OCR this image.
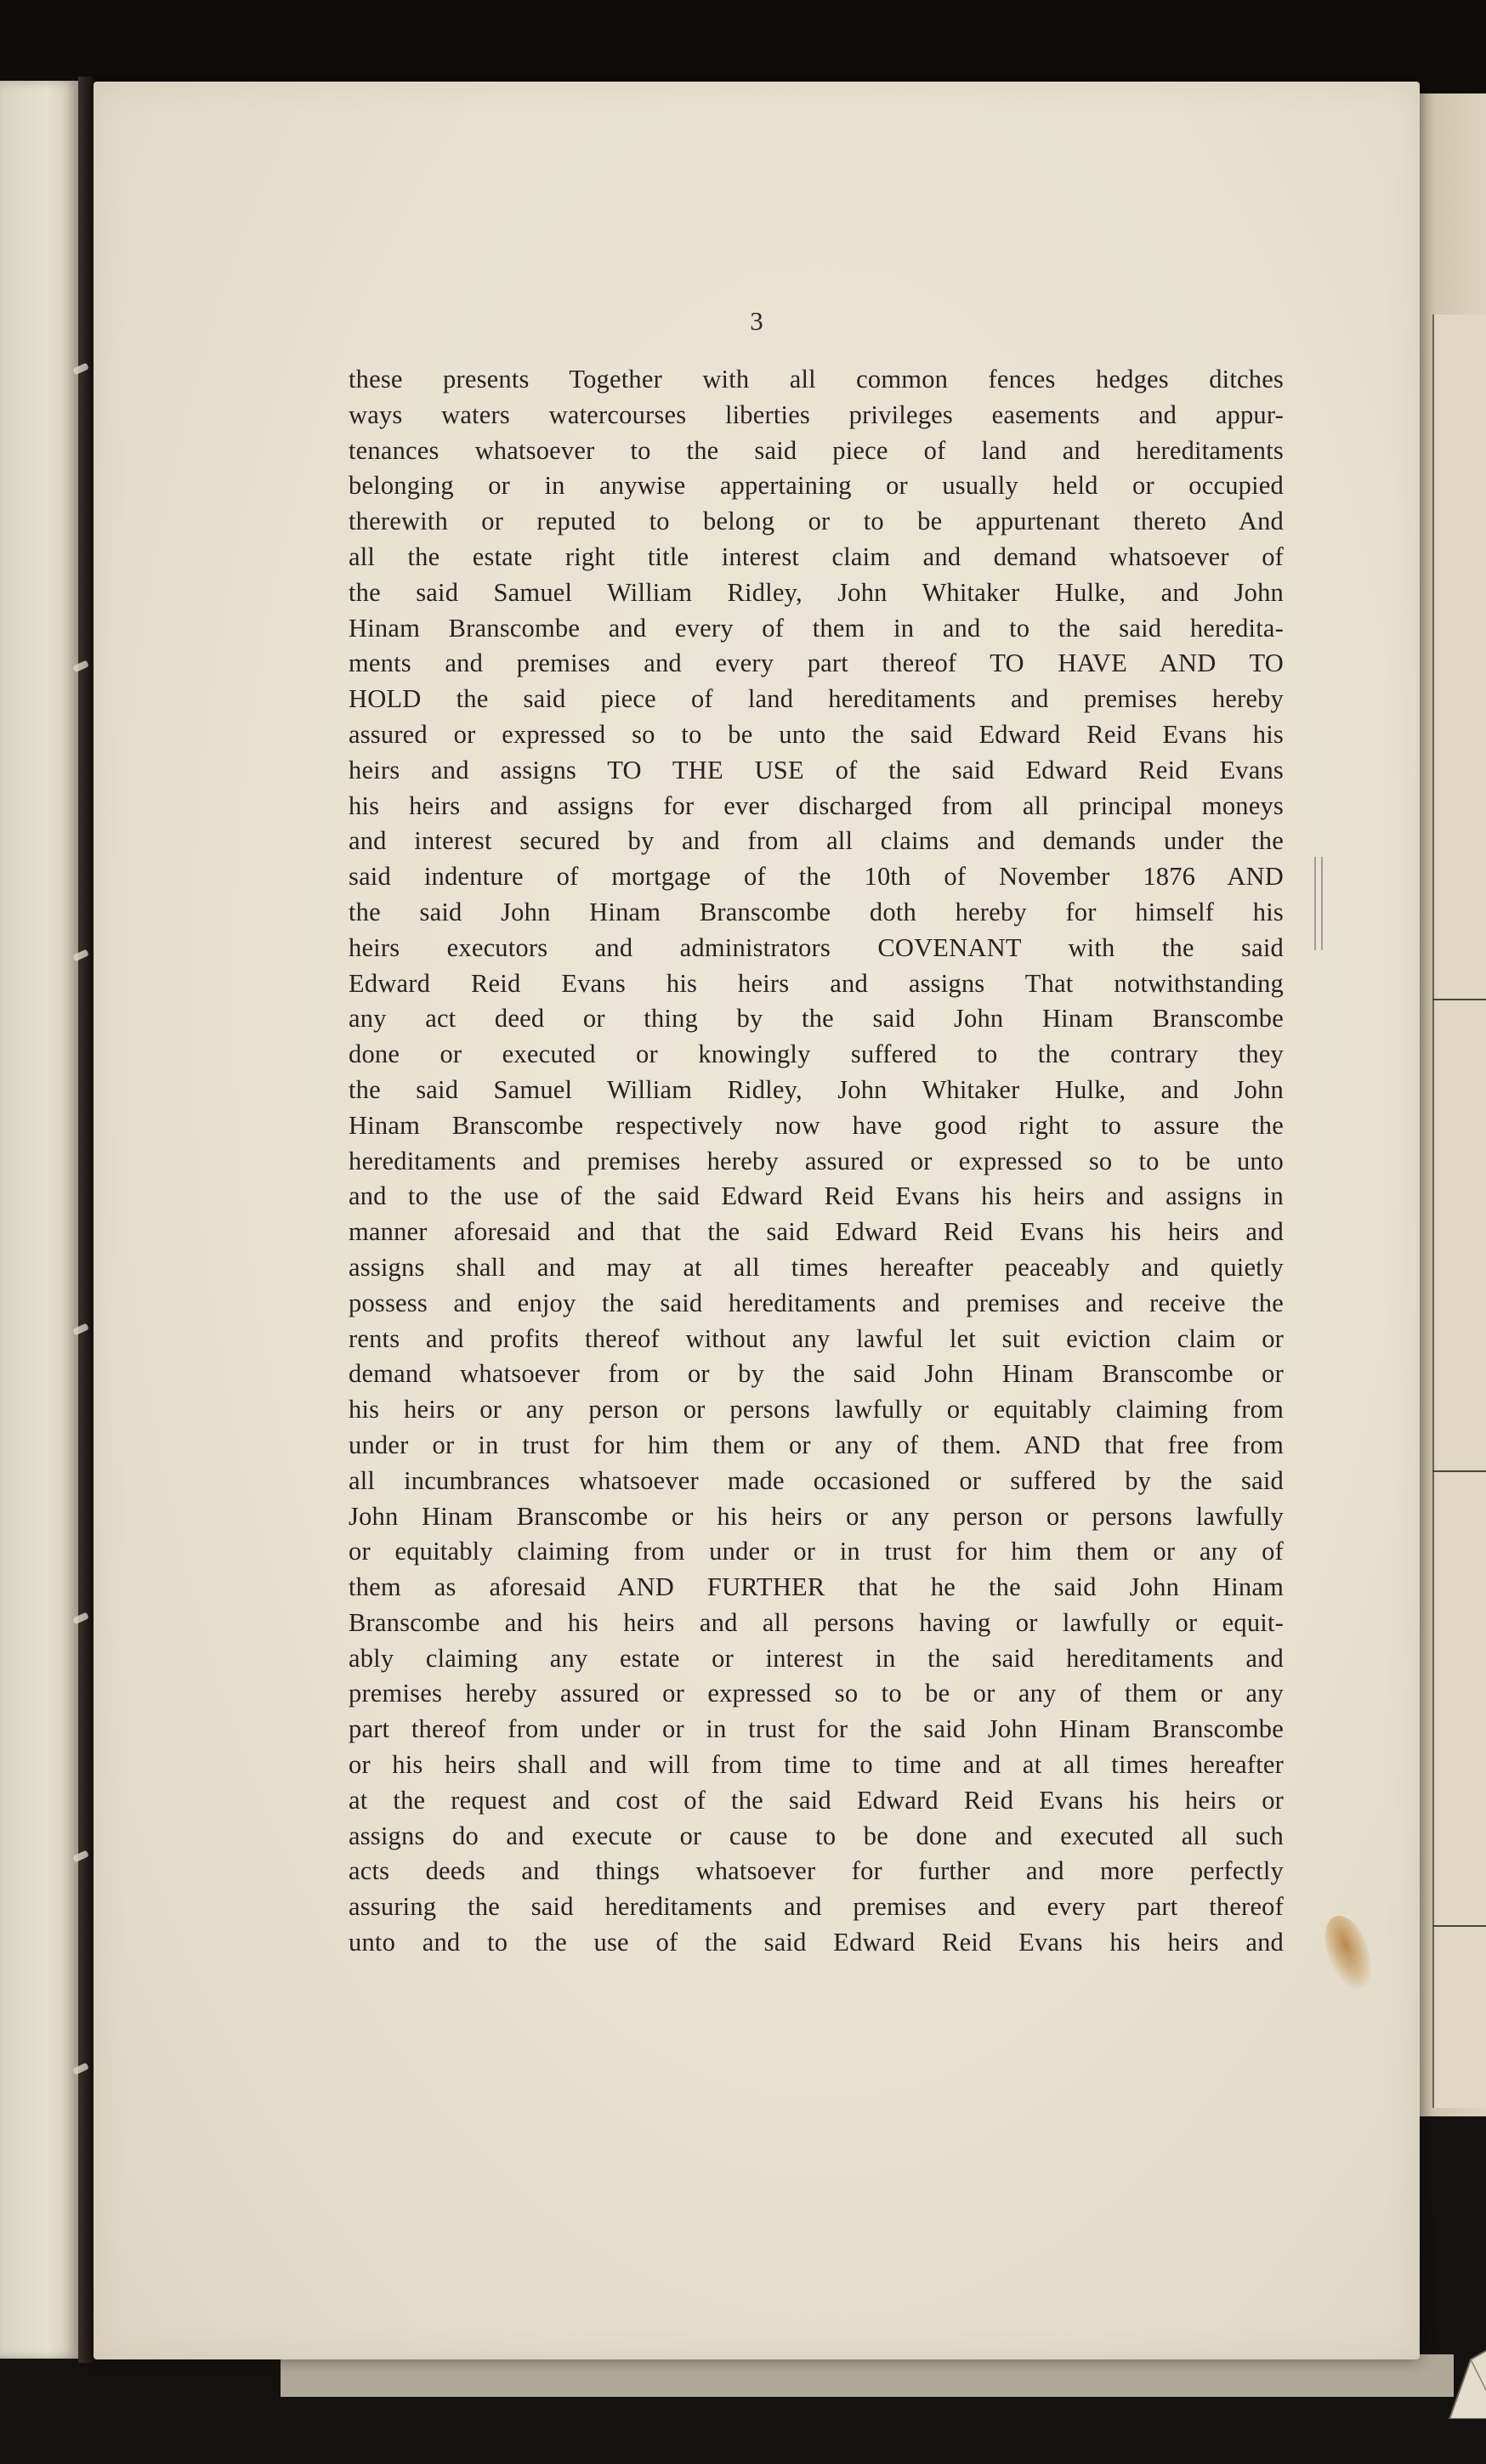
3
these presents Together with all common fences hedges ditches
ways waters watercourses liberties privileges easements and appur-
tenances whatsoever to the said piece of land and hereditaments
belonging or in anywise appertaining or usually held or occupied
therewith or reputed to belong or to be appurtenant thereto And
all the estate right title interest claim and demand whatsoever of
the said Samuel William Ridley, John Whitaker Hulke, and John
Hinam Branscombe and every of them in and to the said heredita-
ments and premises and every part thereof TO HAVE AND TO
HOLD the said piece of land hereditaments and premises hereby
assured or expressed so to be unto the said Edward Reid Evans his
heirs and assigns TO THE USE of the said Edward Reid Evans
his heirs and assigns for ever discharged from all principal moneys
and interest secured by and from all claims and demands under the
said indenture of mortgage of the 10th of November 1876 AND
the said John Hinam Branscombe doth hereby for himself his
heirs executors and administrators COVENANT with the said
Edward Reid Evans his heirs and assigns That notwithstanding
any act deed or thing by the said John Hinam Branscombe
done or executed or knowingly suffered to the contrary they
the said Samuel William Ridley, John Whitaker Hulke, and John
Hinam Branscombe respectively now have good right to assure the
hereditaments and premises hereby assured or expressed so to be unto
and to the use of the said Edward Reid Evans his heirs and assigns in
manner aforesaid and that the said Edward Reid Evans his heirs and
assigns shall and may at all times hereafter peaceably and quietly
possess and enjoy the said hereditaments and premises and receive the
rents and profits thereof without any lawful let suit eviction claim or
demand whatsoever from or by the said John Hinam Branscombe or
his heirs or any person or persons lawfully or equitably claiming from
under or in trust for him them or any of them. AND that free from
all incumbrances whatsoever made occasioned or suffered by the said
John Hinam Branscombe or his heirs or any person or persons lawfully
or equitably claiming from under or in trust for him them or any of
them as aforesaid AND FURTHER that he the said John Hinam
Branscombe and his heirs and all persons having or lawfully or equit-
ably claiming any estate or interest in the said hereditaments and
premises hereby assured or expressed so to be or any of them or any
part thereof from under or in trust for the said John Hinam Branscombe
or his heirs shall and will from time to time and at all times hereafter
at the request and cost of the said Edward Reid Evans his heirs or
assigns do and execute or cause to be done and executed all such
acts deeds and things whatsoever for further and more perfectly
assuring the said hereditaments and premises and every part thereof
unto and to the use of the said Edward Reid Evans his heirs and
